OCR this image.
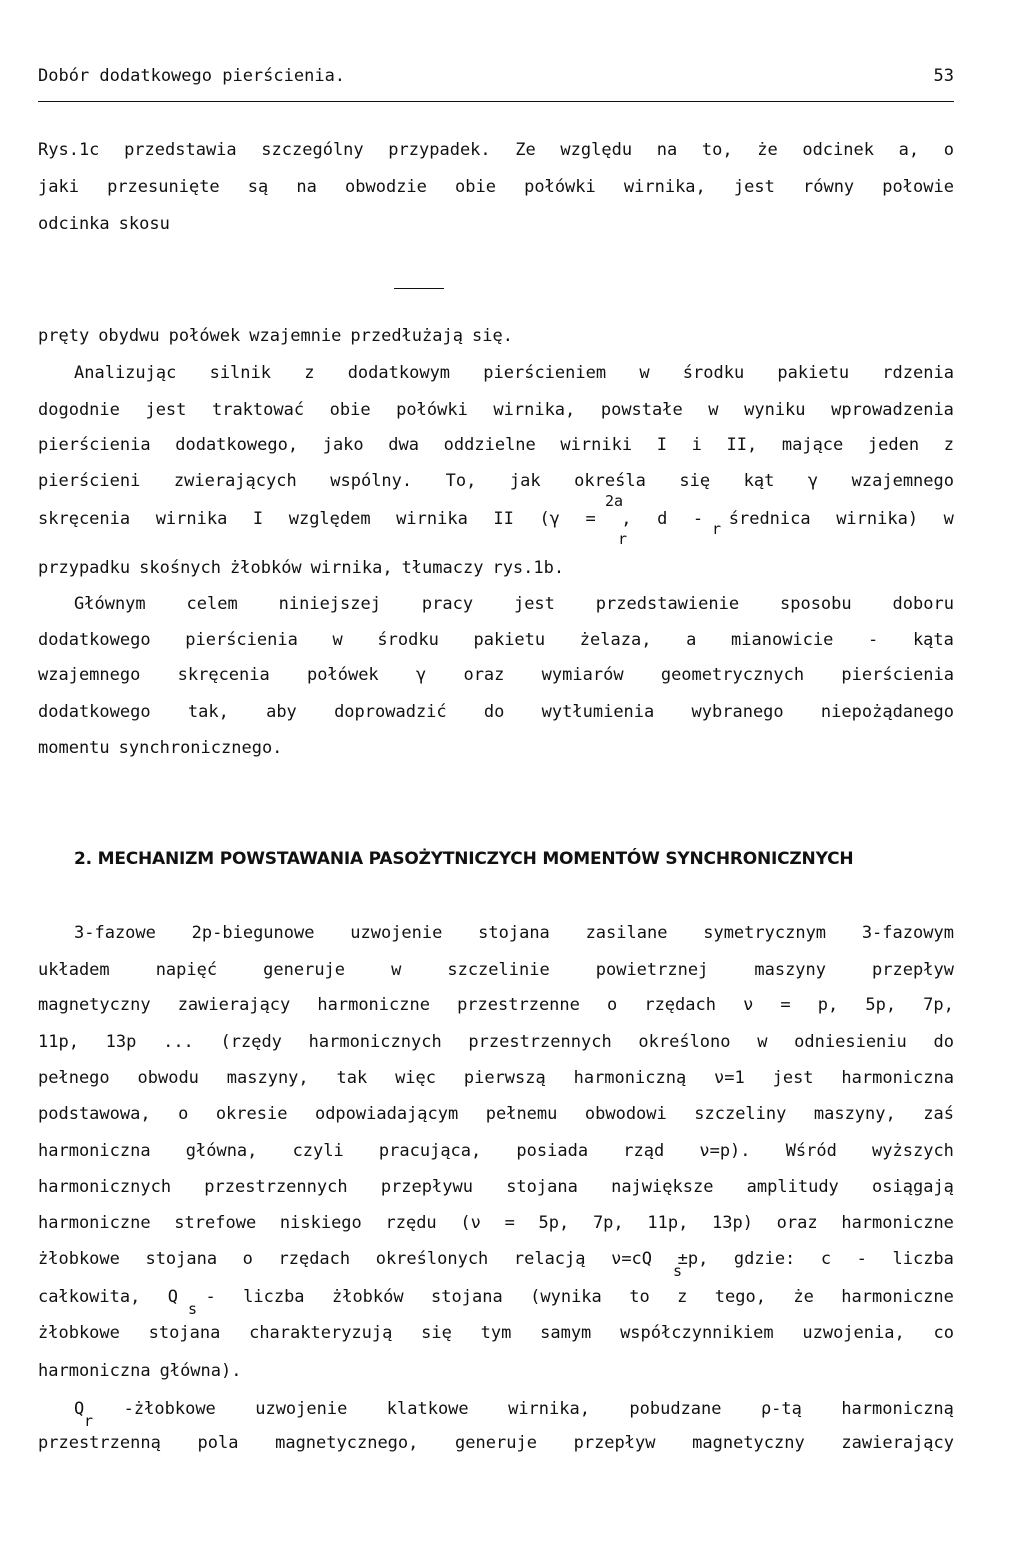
Dobór dodatkowego pierścienia.	53
Rys.1c przedstawia szczególny przypadek. Ze względu na to, że odcinek a, o
jaki przesunięte są na obwodzie obie połówki wirnika, jest równy połowie
odcinka skosu
pręty obydwu połówek wzajemnie przedłużają się.
Analizując silnik z dodatkowym pierścieniem w środku pakietu rdzenia
dogodnie jest traktować obie połówki wirnika, powstałe w wyniku wprowadzenia
pierścienia dodatkowego, jako dwa oddzielne wirniki I i II, mające jeden z
pierścieni zwierających wspólny. To, jak określa się kąt γ wzajemnego
skręcenia wirnika I względem wirnika II (γ = , d - średnica wirnika) w
2a
r
r
przypadku skośnych żłobków wirnika, tłumaczy rys.1b.
Głównym celem niniejszej pracy jest przedstawienie sposobu doboru
dodatkowego pierścienia w środku pakietu żelaza, a mianowicie - kąta
wzajemnego skręcenia połówek γ oraz wymiarów geometrycznych pierścienia
dodatkowego tak, aby doprowadzić do wytłumienia wybranego niepożądanego
momentu synchronicznego.
2. MECHANIZM POWSTAWANIA PASOŻYTNICZYCH MOMENTÓW SYNCHRONICZNYCH
3-fazowe 2p-biegunowe uzwojenie stojana zasilane symetrycznym 3-fazowym
układem	napięć	generuje	w	szczelinie	powietrznej	maszyny	przepływ
magnetyczny zawierający harmoniczne przestrzenne o rzędach ν = p, 5p, 7p,
11p, 13p ... (rzędy harmonicznych przestrzennych określono w odniesieniu do
pełnego obwodu maszyny, tak więc pierwszą harmoniczną ν=1 jest harmoniczna
podstawowa, o okresie odpowiadającym pełnemu obwodowi szczeliny maszyny, zaś
harmoniczna główna, czyli pracująca, posiada rząd ν=p). Wśród wyższych
harmonicznych przestrzennych przepływu stojana największe amplitudy osiągają
harmoniczne strefowe niskiego rzędu (ν = 5p, 7p, 11p, 13p) oraz harmoniczne
żłobkowe stojana o rzędach określonych relacją ν=cQ ±p, gdzie: c - liczba
s
całkowita, Q - liczba żłobków stojana (wynika to z tego, że harmoniczne
s
żłobkowe stojana charakteryzują się tym samym współczynnikiem uzwojenia, co
harmoniczna główna).
Q -żłobkowe uzwojenie klatkowe wirnika, pobudzane ρ-tą harmoniczną
r
przestrzenną pola magnetycznego, generuje przepływ magnetyczny zawierający
